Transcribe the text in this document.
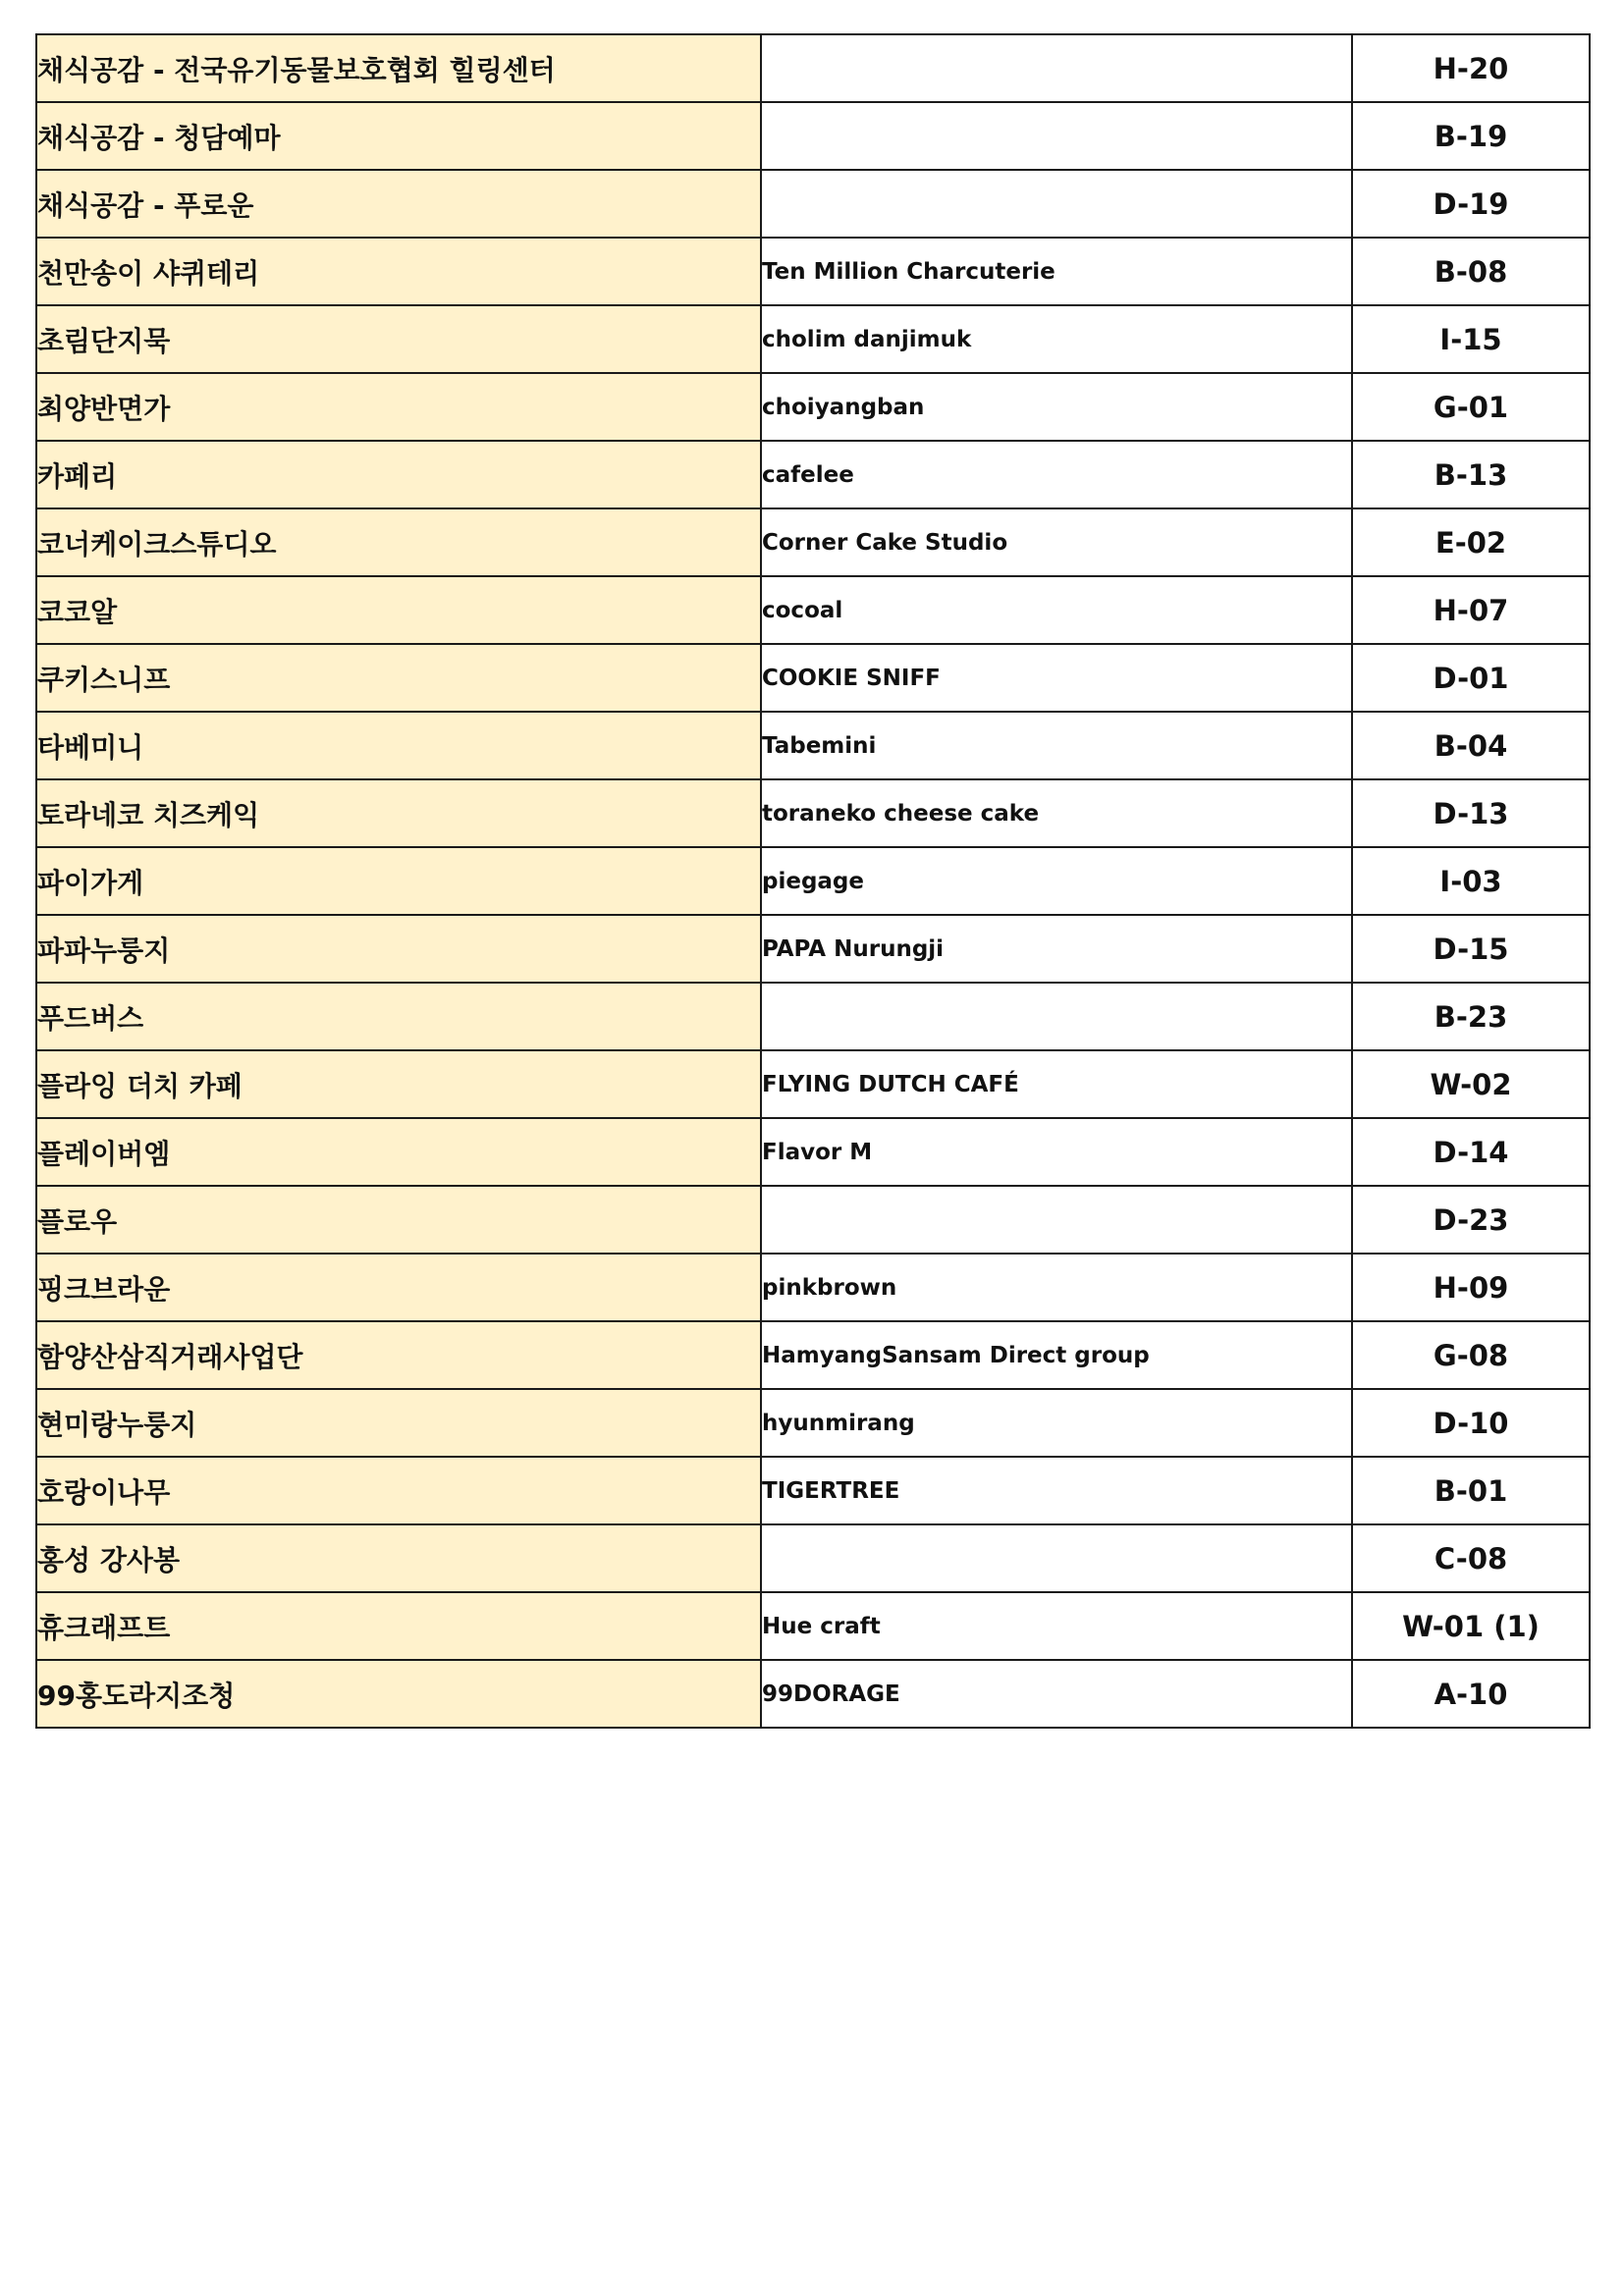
채식공감 - 전국유기동물보호협회 힐링센터		H-20
채식공감 - 청담예마		B-19
채식공감 - 푸로운		D-19
천만송이 샤퀴테리	Ten Million Charcuterie	B-08
초림단지묵	cholim danjimuk	I-15
최양반면가	choiyangban	G-01
카페리	cafelee	B-13
코너케이크스튜디오	Corner Cake Studio	E-02
코코알	cocoal	H-07
쿠키스니프	COOKIE SNIFF	D-01
타베미니	Tabemini	B-04
토라네코 치즈케익	toraneko cheese cake	D-13
파이가게	piegage	I-03
파파누룽지	PAPA Nurungji	D-15
푸드버스		B-23
플라잉 더치 카페	FLYING DUTCH CAFÉ	W-02
플레이버엠	Flavor M	D-14
플로우		D-23
핑크브라운	pinkbrown	H-09
함양산삼직거래사업단	HamyangSansam Direct group	G-08
현미랑누룽지	hyunmirang	D-10
호랑이나무	TIGERTREE	B-01
홍성 강사봉		C-08
휴크래프트	Hue craft	W-01 (1)
99홍도라지조청	99DORAGE	A-10
